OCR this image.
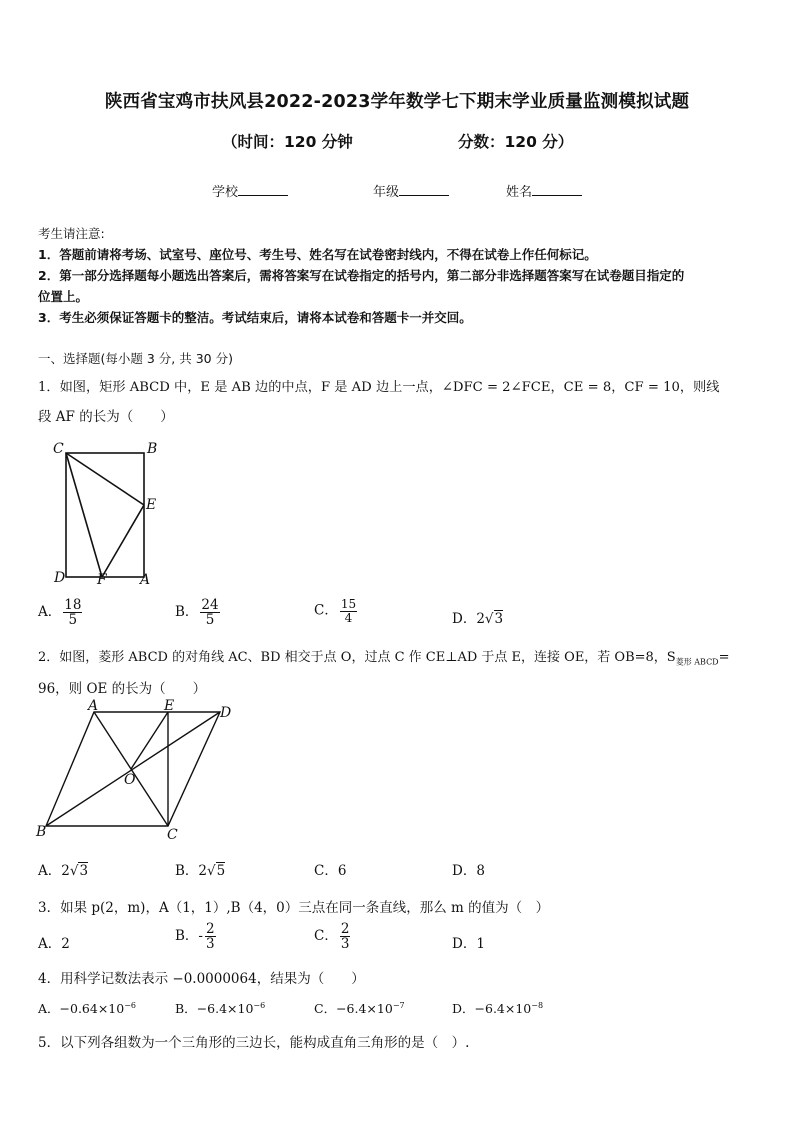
陕西省宝鸡市扶风县2022-2023学年数学七下期末学业质量监测模拟试题
（时间：120 分钟	分数：120 分）
学校	年级	姓名
考生请注意:
1．答题前请将考场、试室号、座位号、考生号、姓名写在试卷密封线内，不得在试卷上作任何标记。
2．第一部分选择题每小题选出答案后，需将答案写在试卷指定的括号内，第二部分非选择题答案写在试卷题目指定的
位置上。
3．考生必须保证答题卡的整洁。考试结束后，请将本试卷和答题卡一并交回。
一、选择题(每小题 3 分, 共 30 分)
1．如图，矩形 ABCD 中，E 是 AB 边的中点，F 是 AD 边上一点，∠DFC = 2∠FCE，CE = 8，CF = 10，则线
段 AF 的长为（　　）
C	B
E
D F A
A． $\frac{18}{5}$	B． $\frac{24}{5}$	C． $\frac{15}{4}$	D．2√3
2．如图，菱形 ABCD 的对角线 AC、BD 相交于点 O，过点 C 作 CE⊥AD 于点 E，连接 OE，若 OB=8，$S_{菱形 ABCD}=$
96，则 OE 的长为（　　）
A	E	D
O
B	C
A．2√3	B．2√5	C．6	D．8
3．如果 p(2，m)，A（1，1）,B（4，0）三点在同一条直线，那么 m 的值为（　）
A．2	B．- $\frac{2}{3}$	C． $\frac{2}{3}$	D．1
4．用科学记数法表示 −0.0000064，结果为（　　）
A．$-0.64\times 10^{-6}$	B．$-6.4\times 10^{-6}$	C．$-6.4\times 10^{-7}$	D．$-6.4\times 10^{-8}$
5．以下列各组数为一个三角形的三边长，能构成直角三角形的是（　）.
